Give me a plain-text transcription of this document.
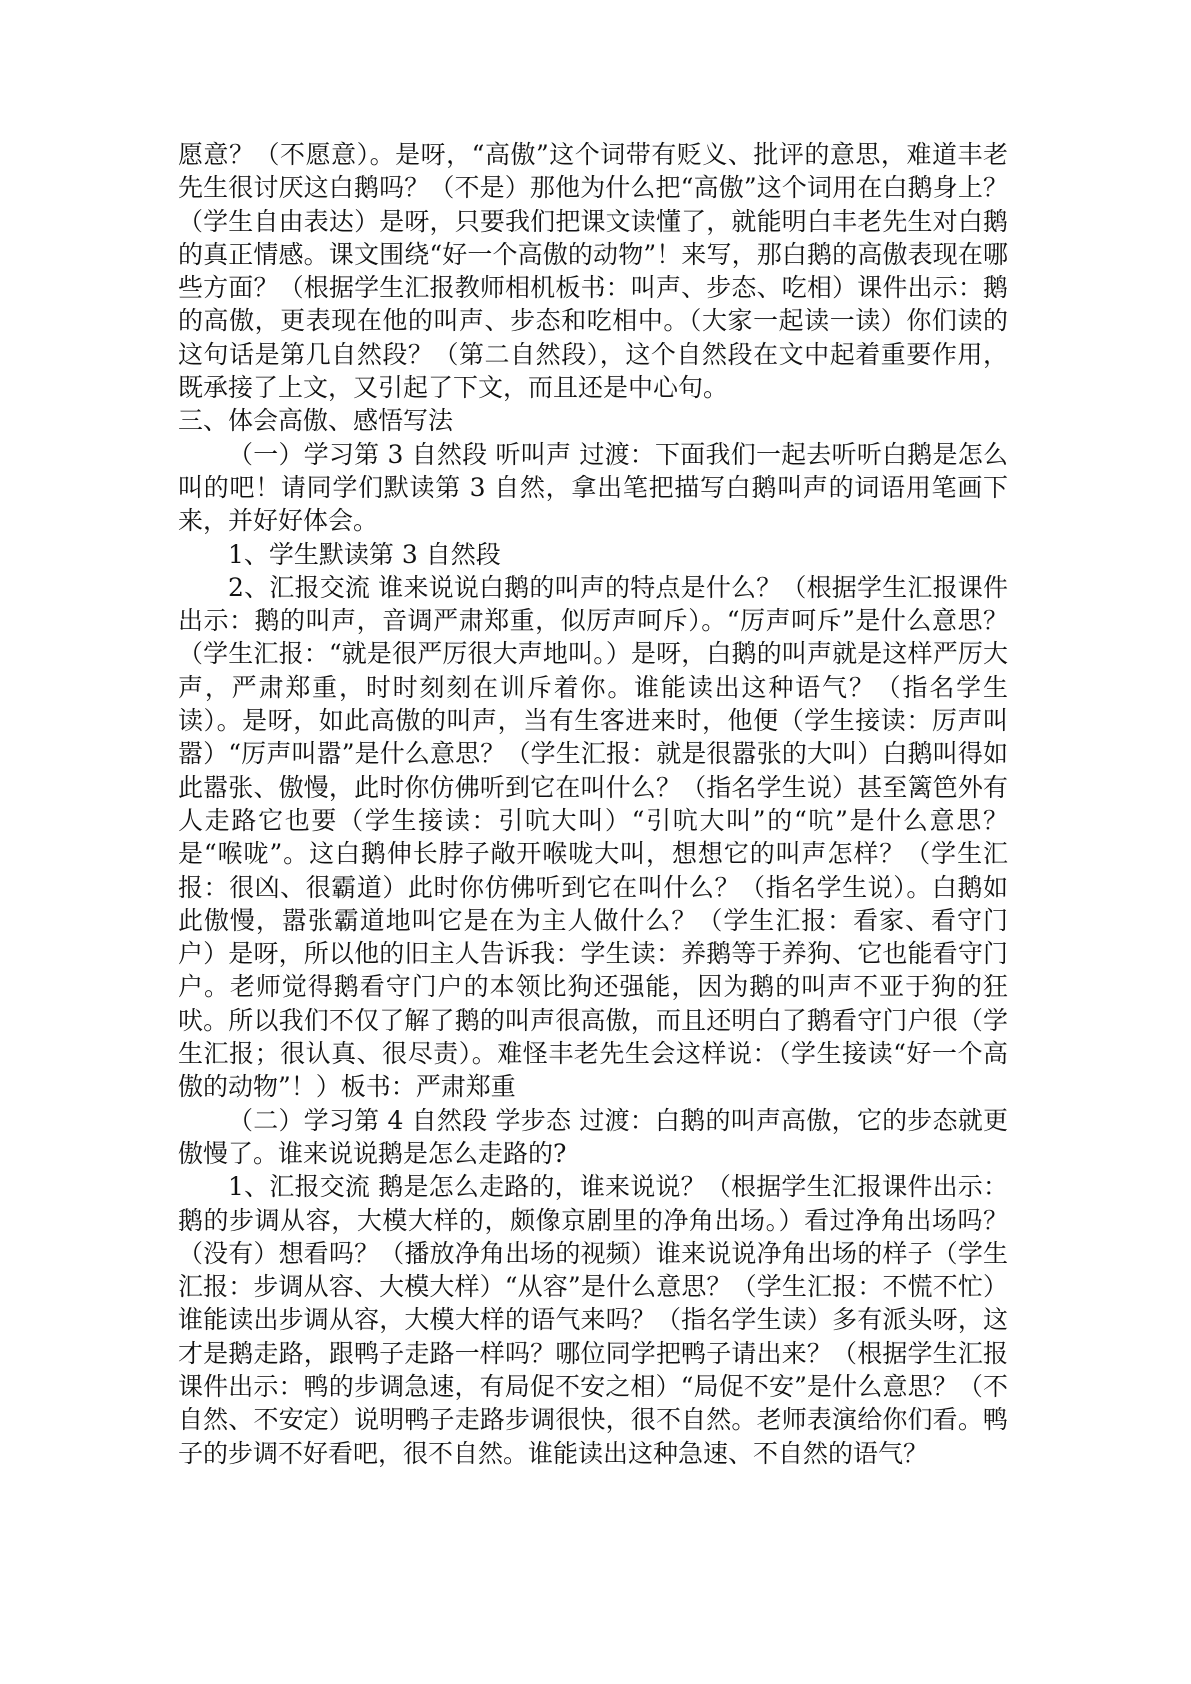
愿意？（不愿意）。是呀，“高傲”这个词带有贬义、批评的意思，难道丰老先生很讨厌这白鹅吗？（不是）那他为什么把“高傲”这个词用在白鹅身上？（学生自由表达）是呀，只要我们把课文读懂了，就能明白丰老先生对白鹅的真正情感。课文围绕“好一个高傲的动物”！来写，那白鹅的高傲表现在哪些方面？（根据学生汇报教师相机板书：叫声、步态、吃相）课件出示：鹅的高傲，更表现在他的叫声、步态和吃相中。（大家一起读一读）你们读的这句话是第几自然段？（第二自然段），这个自然段在文中起着重要作用，既承接了上文，又引起了下文，而且还是中心句。

三、体会高傲、感悟写法

（一）学习第 3 自然段 听叫声 过渡：下面我们一起去听听白鹅是怎么叫的吧！请同学们默读第 3 自然，拿出笔把描写白鹅叫声的词语用笔画下来，并好好体会。

1、学生默读第 3 自然段

2、汇报交流 谁来说说白鹅的叫声的特点是什么？（根据学生汇报课件出示：鹅的叫声，音调严肃郑重，似厉声呵斥）。“厉声呵斥”是什么意思？（学生汇报：“就是很严厉很大声地叫。）是呀，白鹅的叫声就是这样严厉大声，严肃郑重，时时刻刻在训斥着你。谁能读出这种语气？（指名学生读）。是呀，如此高傲的叫声，当有生客进来时，他便（学生接读：厉声叫嚣）“厉声叫嚣”是什么意思？（学生汇报：就是很嚣张的大叫）白鹅叫得如此嚣张、傲慢，此时你仿佛听到它在叫什么？（指名学生说）甚至篱笆外有人走路它也要（学生接读：引吭大叫）“引吭大叫”的“吭”是什么意思？是“喉咙”。这白鹅伸长脖子敞开喉咙大叫，想想它的叫声怎样？（学生汇报：很凶、很霸道）此时你仿佛听到它在叫什么？（指名学生说）。白鹅如此傲慢，嚣张霸道地叫它是在为主人做什么？（学生汇报：看家、看守门户）是呀，所以他的旧主人告诉我：学生读：养鹅等于养狗、它也能看守门户。老师觉得鹅看守门户的本领比狗还强能，因为鹅的叫声不亚于狗的狂吠。所以我们不仅了解了鹅的叫声很高傲，而且还明白了鹅看守门户很（学生汇报；很认真、很尽责）。难怪丰老先生会这样说：（学生接读“好一个高傲的动物”！）板书：严肃郑重

（二）学习第 4 自然段 学步态 过渡：白鹅的叫声高傲，它的步态就更傲慢了。谁来说说鹅是怎么走路的?

1、汇报交流 鹅是怎么走路的，谁来说说？（根据学生汇报课件出示：鹅的步调从容，大模大样的，颇像京剧里的净角出场。）看过净角出场吗？（没有）想看吗？（播放净角出场的视频）谁来说说净角出场的样子（学生汇报：步调从容、大模大样）“从容”是什么意思？（学生汇报：不慌不忙）谁能读出步调从容，大模大样的语气来吗？（指名学生读）多有派头呀，这才是鹅走路，跟鸭子走路一样吗？哪位同学把鸭子请出来？（根据学生汇报课件出示：鸭的步调急速，有局促不安之相）“局促不安”是什么意思？（不自然、不安定）说明鸭子走路步调很快，很不自然。老师表演给你们看。鸭子的步调不好看吧，很不自然。谁能读出这种急速、不自然的语气？
